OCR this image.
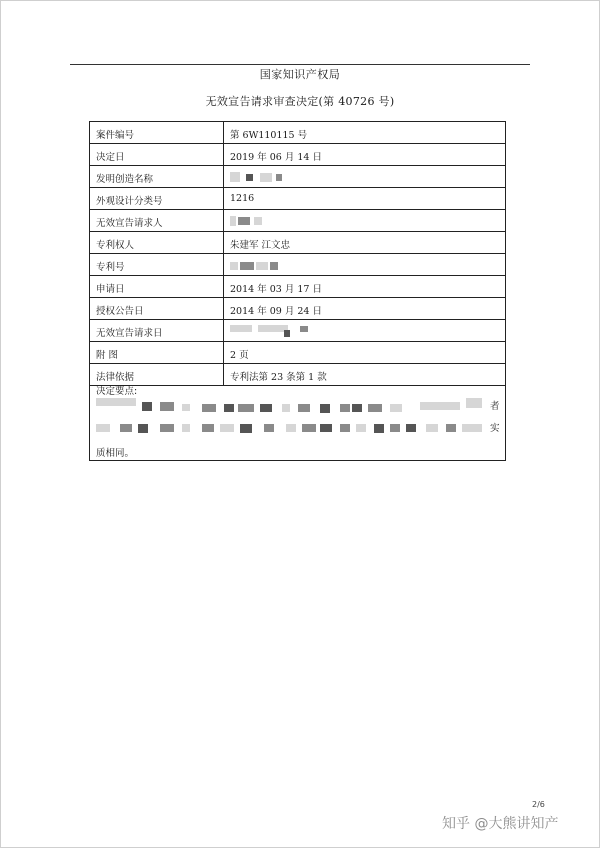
国家知识产权局
无效宣告请求审查决定(第 40726 号)
案件编号	第 6W110115 号
决定日	2019 年 06 月 14 日
发明创造名称
外观设计分类号	1216
无效宣告请求人
专利权人	朱建军 江文忠
专利号
申请日	2014 年 03 月 17 日
授权公告日	2014 年 09 月 24 日
无效宣告请求日
附 图	2 页
法律依据	专利法第 23 条第 1 款
决定要点:
者
实
质相同。
2/6
知乎 @大熊讲知产
